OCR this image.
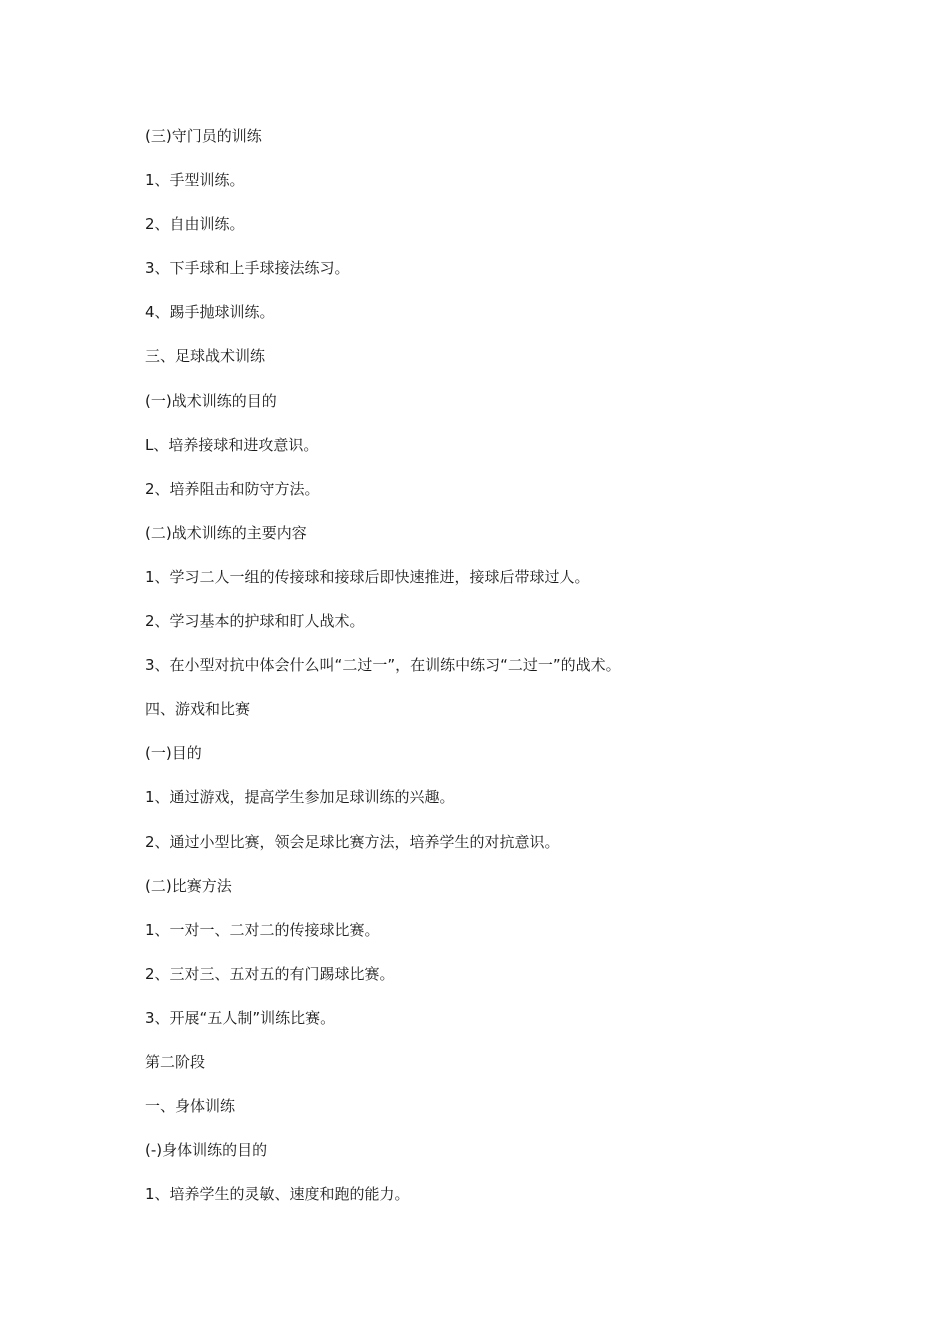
(三)守门员的训练
1、手型训练。
2、自由训练。
3、下手球和上手球接法练习。
4、踢手抛球训练。
三、足球战术训练
(一)战术训练的目的
L、培养接球和进攻意识。
2、培养阻击和防守方法。
(二)战术训练的主要内容
1、学习二人一组的传接球和接球后即快速推进，接球后带球过人。
2、学习基本的护球和盯人战术。
3、在小型对抗中体会什么叫“二过一”，在训练中练习“二过一”的战术。
四、游戏和比赛
(一)目的
1、通过游戏，提高学生参加足球训练的兴趣。
2、通过小型比赛，领会足球比赛方法，培养学生的对抗意识。
(二)比赛方法
1、一对一、二对二的传接球比赛。
2、三对三、五对五的有门踢球比赛。
3、开展“五人制”训练比赛。
第二阶段
一、身体训练
(-)身体训练的目的
1、培养学生的灵敏、速度和跑的能力。
